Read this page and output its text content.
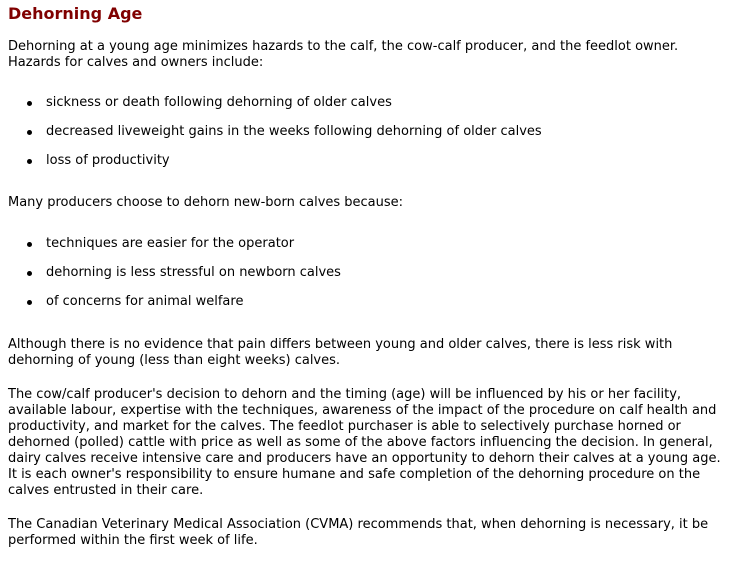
Dehorning Age

Dehorning at a young age minimizes hazards to the calf, the cow-calf producer, and the feedlot owner. Hazards for calves and owners include:

sickness or death following dehorning of older calves
decreased liveweight gains in the weeks following dehorning of older calves
loss of productivity

Many producers choose to dehorn new-born calves because:

techniques are easier for the operator
dehorning is less stressful on newborn calves
of concerns for animal welfare

Although there is no evidence that pain differs between young and older calves, there is less risk with dehorning of young (less than eight weeks) calves.

The cow/calf producer's decision to dehorn and the timing (age) will be influenced by his or her facility, available labour, expertise with the techniques, awareness of the impact of the procedure on calf health and productivity, and market for the calves. The feedlot purchaser is able to selectively purchase horned or dehorned (polled) cattle with price as well as some of the above factors influencing the decision. In general, dairy calves receive intensive care and producers have an opportunity to dehorn their calves at a young age. It is each owner's responsibility to ensure humane and safe completion of the dehorning procedure on the calves entrusted in their care.

The Canadian Veterinary Medical Association (CVMA) recommends that, when dehorning is necessary, it be performed within the first week of life.
